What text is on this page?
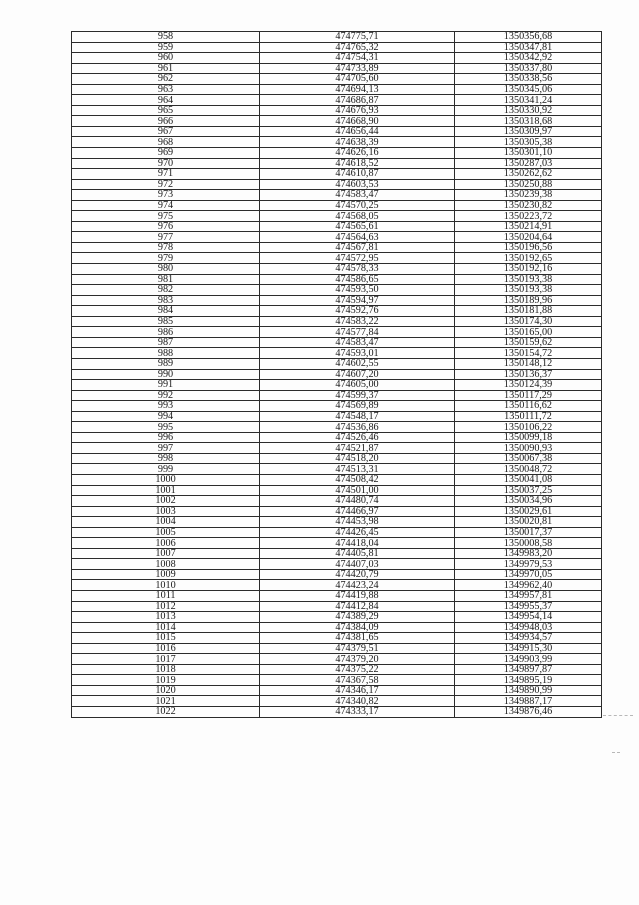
958	474775,71	1350356,68
959	474765,32	1350347,81
960	474754,31	1350342,92
961	474733,89	1350337,80
962	474705,60	1350338,56
963	474694,13	1350345,06
964	474686,87	1350341,24
965	474676,93	1350330,92
966	474668,90	1350318,68
967	474656,44	1350309,97
968	474638,39	1350305,38
969	474626,16	1350301,10
970	474618,52	1350287,03
971	474610,87	1350262,62
972	474603,53	1350250,88
973	474583,47	1350239,38
974	474570,25	1350230,82
975	474568,05	1350223,72
976	474565,61	1350214,91
977	474564,63	1350204,64
978	474567,81	1350196,56
979	474572,95	1350192,65
980	474578,33	1350192,16
981	474586,65	1350193,38
982	474593,50	1350193,38
983	474594,97	1350189,96
984	474592,76	1350181,88
985	474583,22	1350174,30
986	474577,84	1350165,00
987	474583,47	1350159,62
988	474593,01	1350154,72
989	474602,55	1350148,12
990	474607,20	1350136,37
991	474605,00	1350124,39
992	474599,37	1350117,29
993	474569,89	1350116,62
994	474548,17	1350111,72
995	474536,86	1350106,22
996	474526,46	1350099,18
997	474521,87	1350090,93
998	474518,20	1350067,38
999	474513,31	1350048,72
1000	474508,42	1350041,08
1001	474501,00	1350037,25
1002	474480,74	1350034,96
1003	474466,97	1350029,61
1004	474453,98	1350020,81
1005	474426,45	1350017,37
1006	474418,04	1350008,58
1007	474405,81	1349983,20
1008	474407,03	1349979,53
1009	474420,79	1349970,05
1010	474423,24	1349962,40
1011	474419,88	1349957,81
1012	474412,84	1349955,37
1013	474389,29	1349954,14
1014	474384,09	1349948,03
1015	474381,65	1349934,57
1016	474379,51	1349915,30
1017	474379,20	1349903,99
1018	474375,22	1349897,87
1019	474367,58	1349895,19
1020	474346,17	1349890,99
1021	474340,82	1349887,17
1022	474333,17	1349876,46
